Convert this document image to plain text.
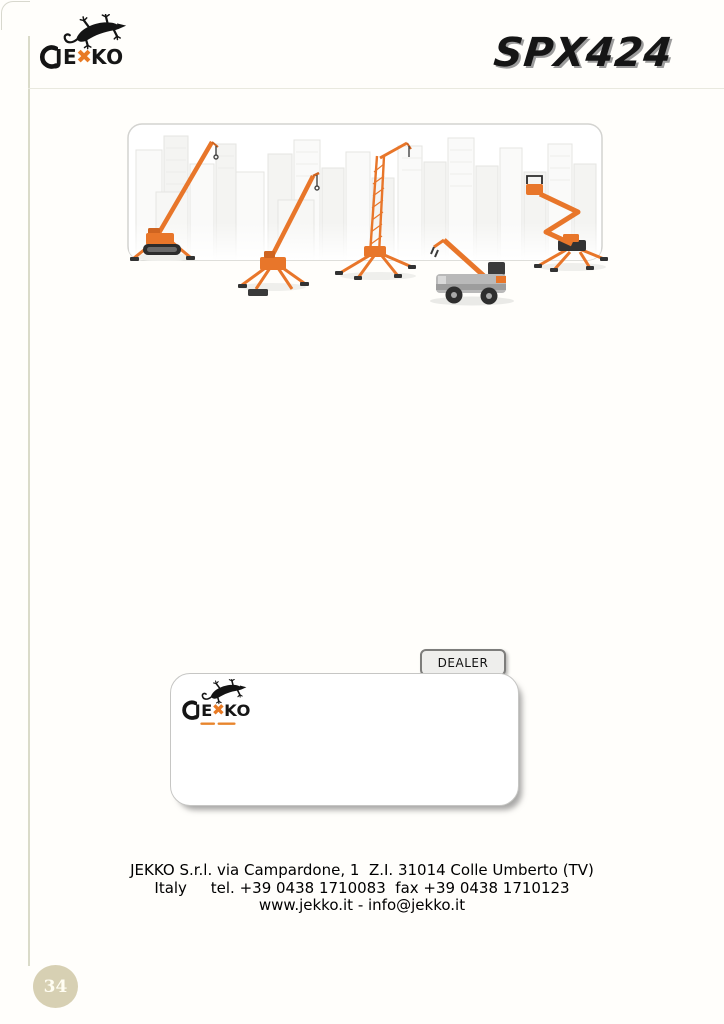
JE ✖ KO	SPX424
DEALER
JE ✖ KO
JEKKO S.r.l. via Campardone, 1  Z.I. 31014 Colle Umberto (TV)
Italy     tel. +39 0438 1710083  fax +39 0438 1710123
www.jekko.it - info@jekko.it
34
